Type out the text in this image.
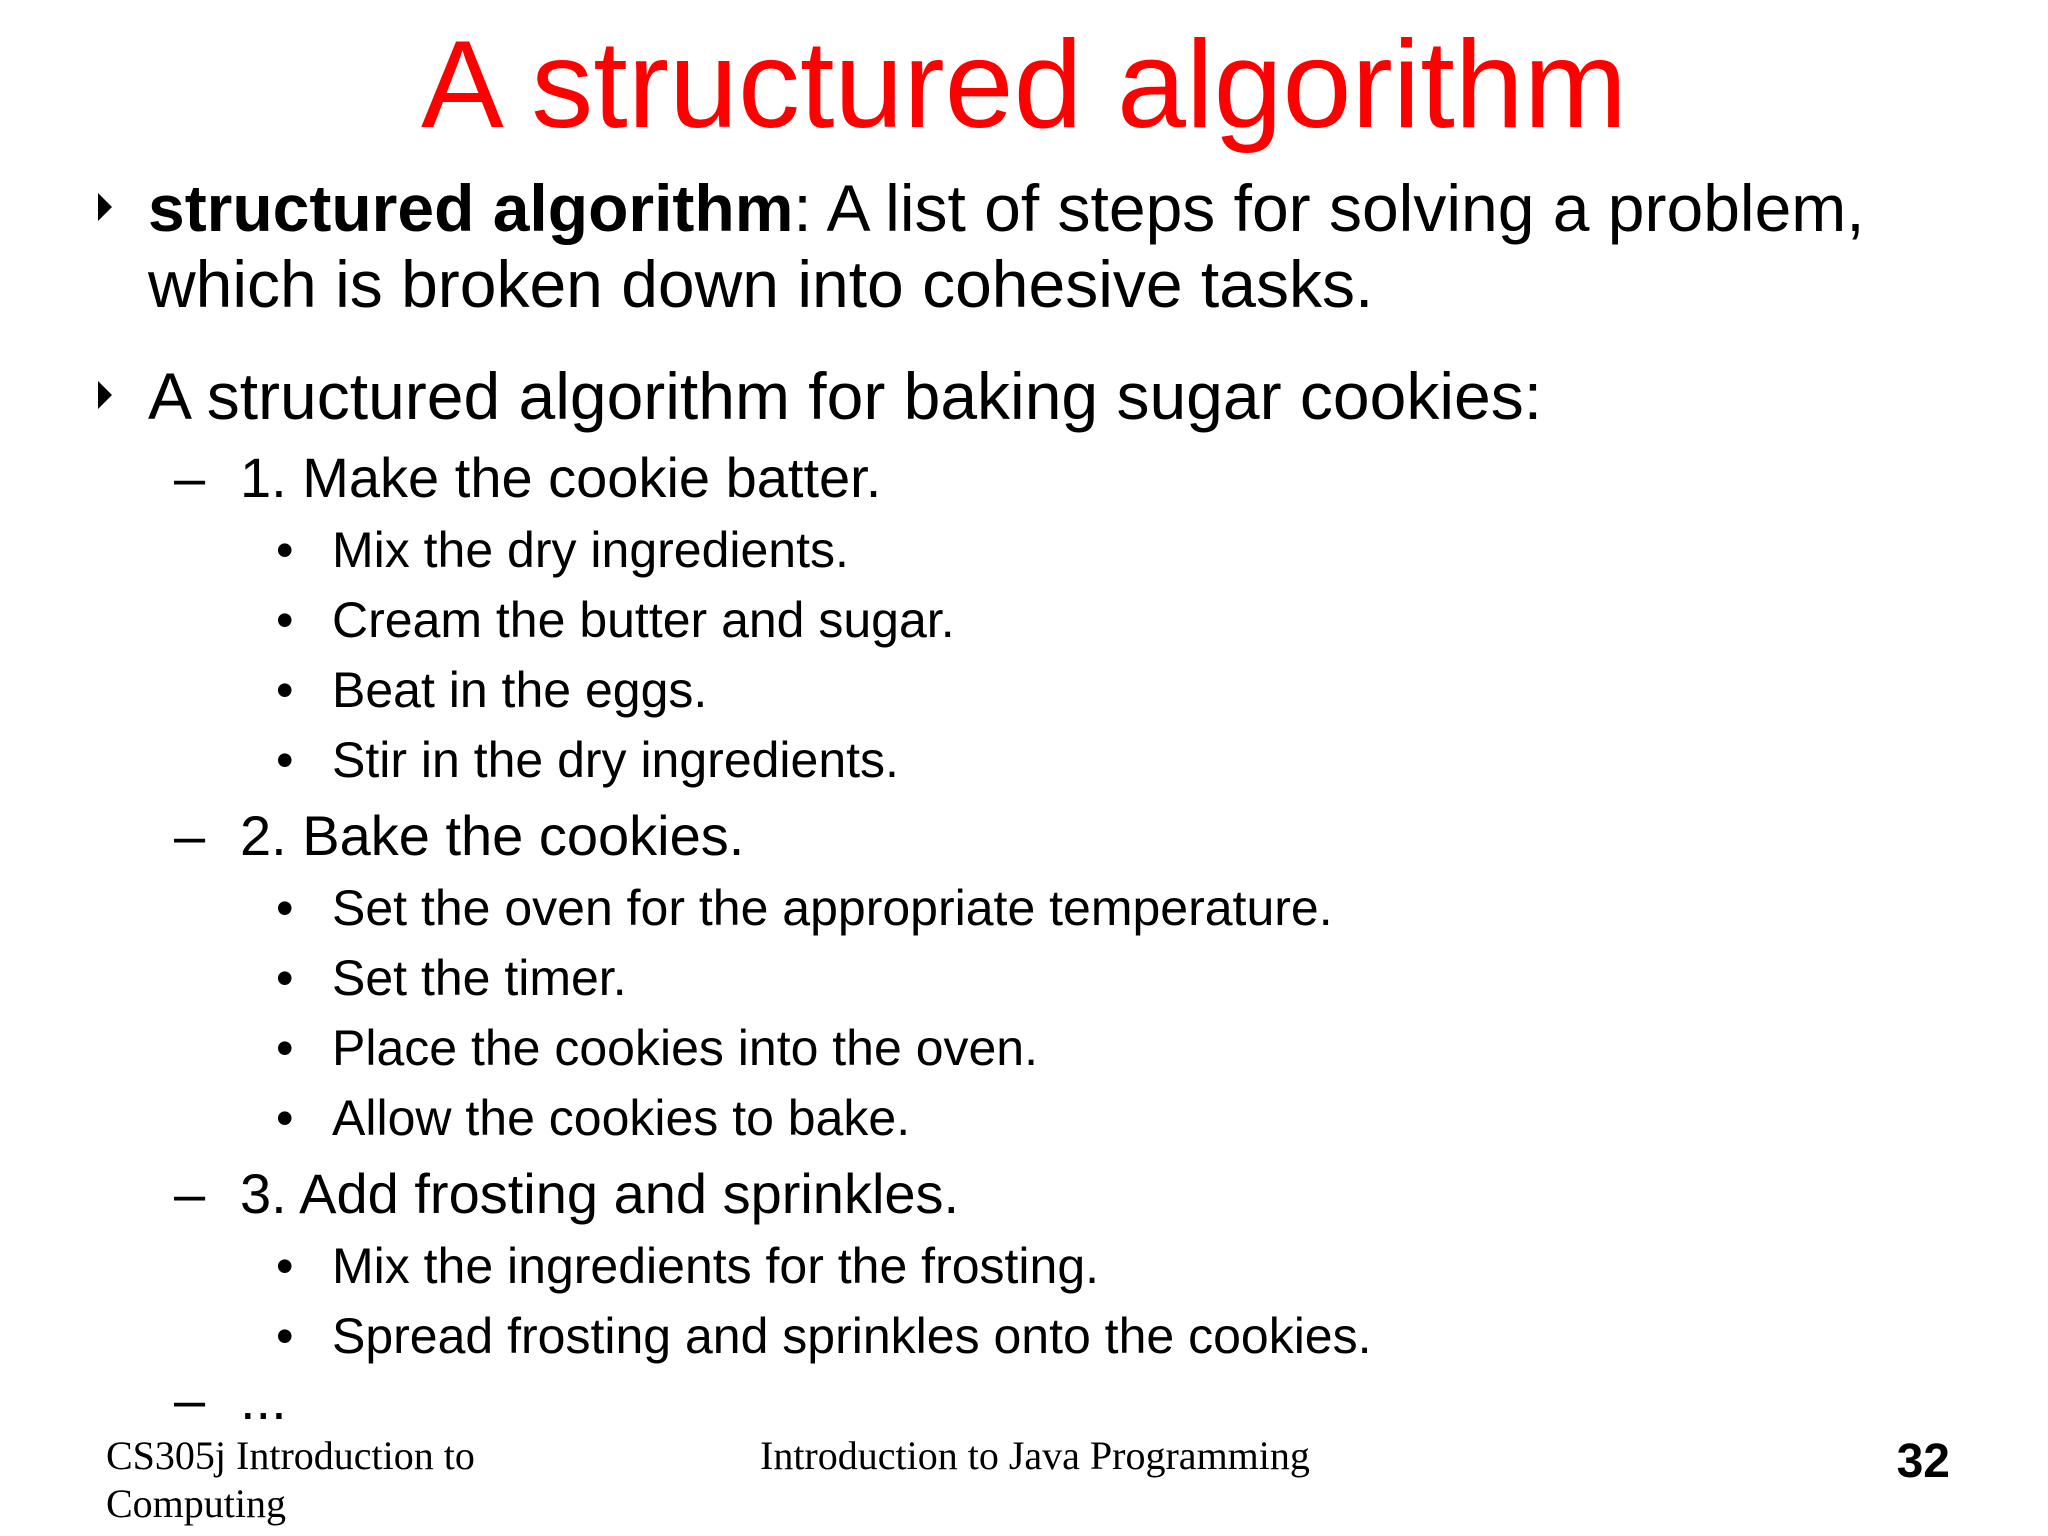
A structured algorithm
structured algorithm: A list of steps for solving a problem,
which is broken down into cohesive tasks.
A structured algorithm for baking sugar cookies:
– 1. Make the cookie batter.
• Mix the dry ingredients.
• Cream the butter and sugar.
• Beat in the eggs.
• Stir in the dry ingredients.
– 2. Bake the cookies.
• Set the oven for the appropriate temperature.
• Set the timer.
• Place the cookies into the oven.
• Allow the cookies to bake.
– 3. Add frosting and sprinkles.
• Mix the ingredients for the frosting.
• Spread frosting and sprinkles onto the cookies.
– ...
CS305j Introduction to
Computing
Introduction to Java Programming	32
